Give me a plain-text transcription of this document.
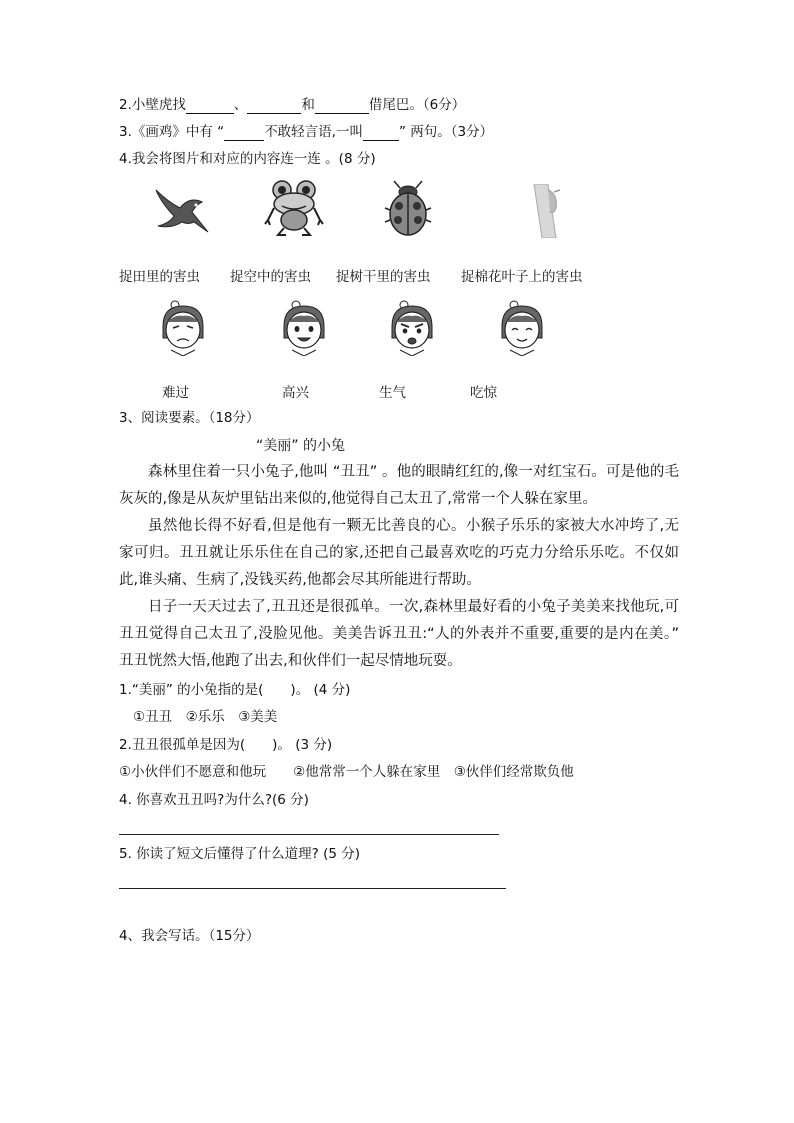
2.小壁虎找	、	和	借尾巴。（6分）
3.《画鸡》中有 “	不敢轻言语,一叫	” 两句。（3分）
4.我会将图片和对应的内容连一连 。(8 分)
捉田里的害虫 捉空中的害虫 捉树干里的害虫 捉棉花叶子上的害虫
难过	高兴	生气	吃惊
3、阅读要素。（18分）
“美丽” 的小兔
森林里住着一只小兔子,他叫 “丑丑” 。他的眼睛红红的,像一对红宝石。可是他的毛灰灰的,像是从灰炉里钻出来似的,他觉得自己太丑了,常常一个人躲在家里。
虽然他长得不好看,但是他有一颗无比善良的心。小猴子乐乐的家被大水冲垮了,无家可归。丑丑就让乐乐住在自己的家,还把自己最喜欢吃的巧克力分给乐乐吃。不仅如此,谁头痛、生病了,没钱买药,他都会尽其所能进行帮助。
日子一天天过去了,丑丑还是很孤单。一次,森林里最好看的小兔子美美来找他玩,可丑丑觉得自己太丑了,没脸见他。美美告诉丑丑:“人的外表并不重要,重要的是内在美。” 丑丑恍然大悟,他跑了出去,和伙伴们一起尽情地玩耍。
1.“美丽” 的小兔指的是(　　)。 (4 分)
①丑丑　②乐乐　③美美
2.丑丑很孤单是因为(　　)。 (3 分)
①小伙伴们不愿意和他玩　　②他常常一个人躲在家里　③伙伴们经常欺负他
4. 你喜欢丑丑吗?为什么?(6 分)
5. 你读了短文后懂得了什么道理? (5 分)
4、我会写话。（15分）
